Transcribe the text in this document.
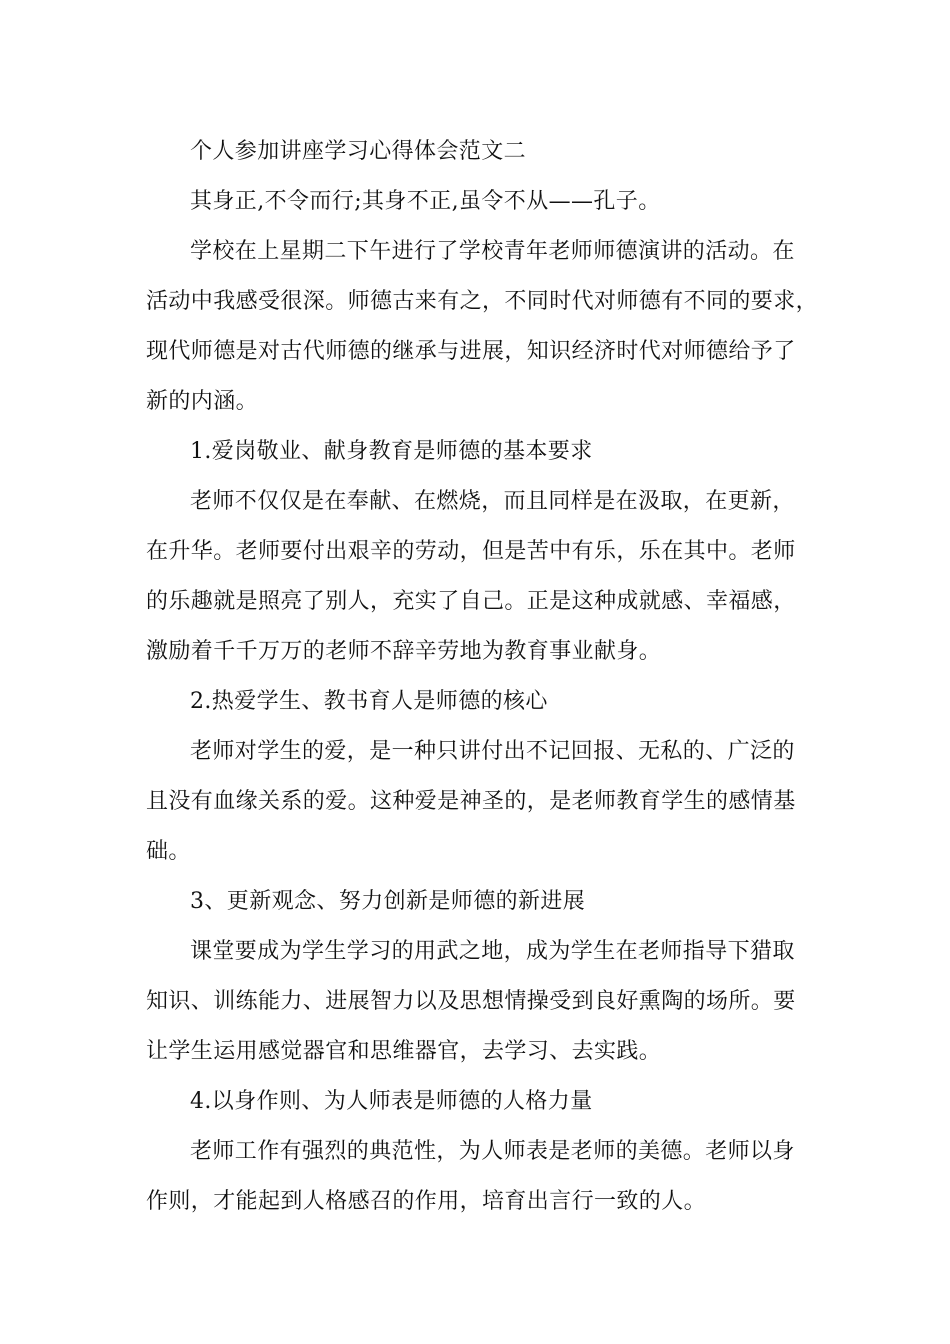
个人参加讲座学习心得体会范文二
其身正,不令而行;其身不正,虽令不从——孔子。
学校在上星期二下午进行了学校青年老师师德演讲的活动。在
活动中我感受很深。师德古来有之，不同时代对师德有不同的要求，
现代师德是对古代师德的继承与进展，知识经济时代对师德给予了
新的内涵。
1.爱岗敬业、献身教育是师德的基本要求
老师不仅仅是在奉献、在燃烧，而且同样是在汲取，在更新，
在升华。老师要付出艰辛的劳动，但是苦中有乐，乐在其中。老师
的乐趣就是照亮了别人，充实了自己。正是这种成就感、幸福感，
激励着千千万万的老师不辞辛劳地为教育事业献身。
2.热爱学生、教书育人是师德的核心
老师对学生的爱，是一种只讲付出不记回报、无私的、广泛的
且没有血缘关系的爱。这种爱是神圣的，是老师教育学生的感情基
础。
3、更新观念、努力创新是师德的新进展
课堂要成为学生学习的用武之地，成为学生在老师指导下猎取
知识、训练能力、进展智力以及思想情操受到良好熏陶的场所。要
让学生运用感觉器官和思维器官，去学习、去实践。
4.以身作则、为人师表是师德的人格力量
老师工作有强烈的典范性，为人师表是老师的美德。老师以身
作则，才能起到人格感召的作用，培育出言行一致的人。
